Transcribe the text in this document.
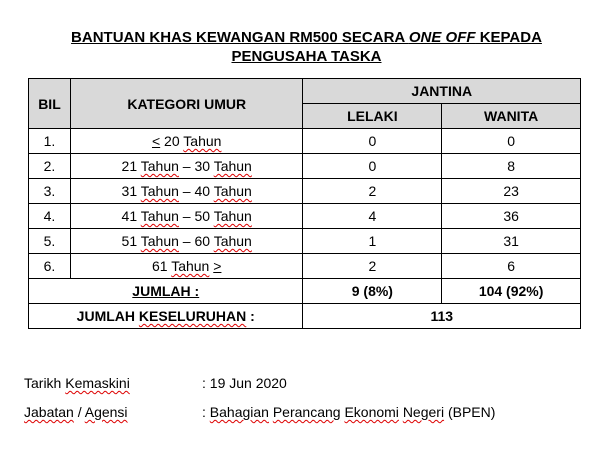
BANTUAN KHAS KEWANGAN RM500 SECARA ONE OFF KEPADA
PENGUSAHA TASKA
BIL	KATEGORI UMUR	JANTINA	
		LELAKI	WANITA
1.	< 20 Tahun	0	0
2.	21 Tahun – 30 Tahun	0	8
3.	31 Tahun – 40 Tahun	2	23
4.	41 Tahun – 50 Tahun	4	36
5.	51 Tahun – 60 Tahun	1	31
6.	61 Tahun ≥	2	6
JUMLAH :		9 (8%)	104 (92%)
JUMLAH KESELURUHAN :		113	
Tarikh Kemaskini	: 19 Jun 2020
Jabatan / Agensi	: Bahagian Perancang Ekonomi Negeri (BPEN)
